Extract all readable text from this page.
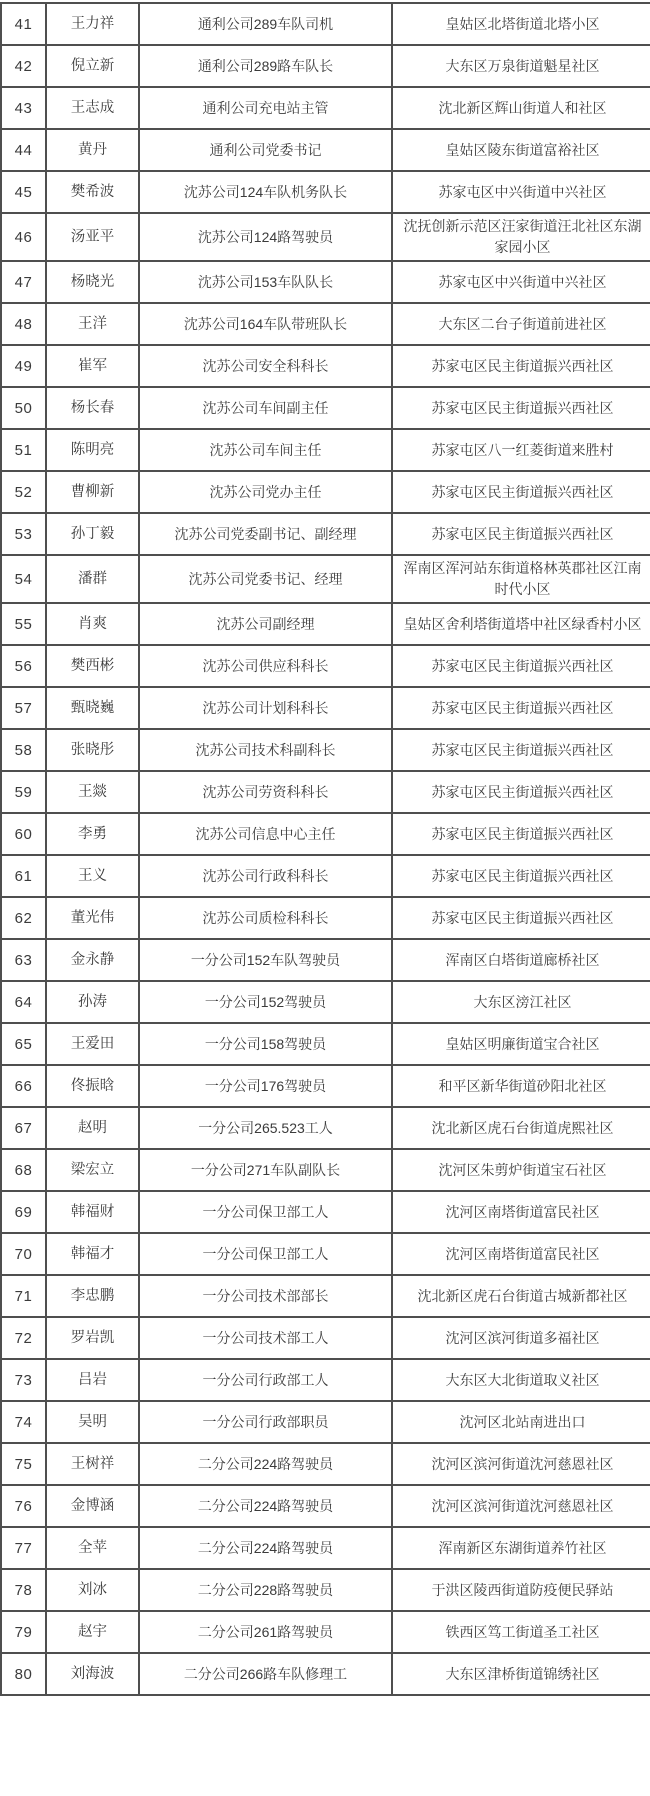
41	王力祥	通利公司289车队司机	皇姑区北塔街道北塔小区
42	倪立新	通利公司289路车队长	大东区万泉街道魁星社区
43	王志成	通利公司充电站主管	沈北新区辉山街道人和社区
44	黄丹	通利公司党委书记	皇姑区陵东街道富裕社区
45	樊希波	沈苏公司124车队机务队长	苏家屯区中兴街道中兴社区
46	汤亚平	沈苏公司124路驾驶员	沈抚创新示范区汪家街道汪北社区东湖家园小区
47	杨晓光	沈苏公司153车队队长	苏家屯区中兴街道中兴社区
48	王洋	沈苏公司164车队带班队长	大东区二台子街道前进社区
49	崔军	沈苏公司安全科科长	苏家屯区民主街道振兴西社区
50	杨长春	沈苏公司车间副主任	苏家屯区民主街道振兴西社区
51	陈明亮	沈苏公司车间主任	苏家屯区八一红菱街道来胜村
52	曹柳新	沈苏公司党办主任	苏家屯区民主街道振兴西社区
53	孙丁毅	沈苏公司党委副书记、副经理	苏家屯区民主街道振兴西社区
54	潘群	沈苏公司党委书记、经理	浑南区浑河站东街道格林英郡社区江南时代小区
55	肖爽	沈苏公司副经理	皇姑区舍利塔街道塔中社区绿香村小区
56	樊西彬	沈苏公司供应科科长	苏家屯区民主街道振兴西社区
57	甄晓巍	沈苏公司计划科科长	苏家屯区民主街道振兴西社区
58	张晓彤	沈苏公司技术科副科长	苏家屯区民主街道振兴西社区
59	王燚	沈苏公司劳资科科长	苏家屯区民主街道振兴西社区
60	李勇	沈苏公司信息中心主任	苏家屯区民主街道振兴西社区
61	王义	沈苏公司行政科科长	苏家屯区民主街道振兴西社区
62	董光伟	沈苏公司质检科科长	苏家屯区民主街道振兴西社区
63	金永静	一分公司152车队驾驶员	浑南区白塔街道廊桥社区
64	孙涛	一分公司152驾驶员	大东区滂江社区
65	王爱田	一分公司158驾驶员	皇姑区明廉街道宝合社区
66	佟振晗	一分公司176驾驶员	和平区新华街道砂阳北社区
67	赵明	一分公司265.523工人	沈北新区虎石台街道虎熙社区
68	梁宏立	一分公司271车队副队长	沈河区朱剪炉街道宝石社区
69	韩福财	一分公司保卫部工人	沈河区南塔街道富民社区
70	韩福才	一分公司保卫部工人	沈河区南塔街道富民社区
71	李忠鹏	一分公司技术部部长	沈北新区虎石台街道古城新都社区
72	罗岩凯	一分公司技术部工人	沈河区滨河街道多福社区
73	吕岩	一分公司行政部工人	大东区大北街道取义社区
74	吴明	一分公司行政部职员	沈河区北站南进出口
75	王树祥	二分公司224路驾驶员	沈河区滨河街道沈河慈恩社区
76	金博涵	二分公司224路驾驶员	沈河区滨河街道沈河慈恩社区
77	全苹	二分公司224路驾驶员	浑南新区东湖街道养竹社区
78	刘冰	二分公司228路驾驶员	于洪区陵西街道防疫便民驿站
79	赵宇	二分公司261路驾驶员	铁西区笃工街道圣工社区
80	刘海波	二分公司266路车队修理工	大东区津桥街道锦绣社区
